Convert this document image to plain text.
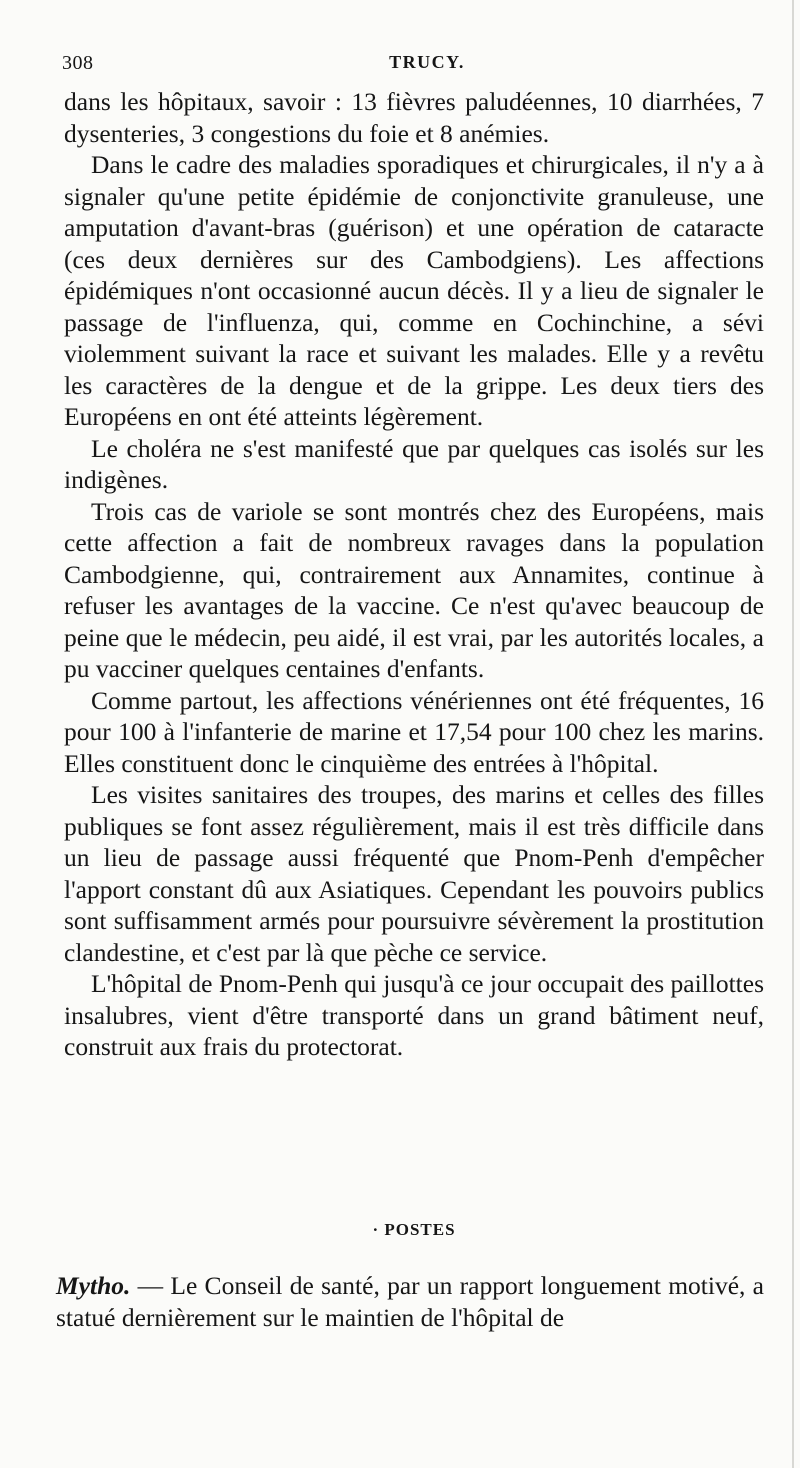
308	TRUCY.

dans les hôpitaux, savoir : 13 fièvres paludéennes, 10 diarrhées, 7 dysenteries, 3 congestions du foie et 8 anémies.

Dans le cadre des maladies sporadiques et chirurgicales, il n'y a à signaler qu'une petite épidémie de conjonctivite granuleuse, une amputation d'avant-bras (guérison) et une opération de cataracte (ces deux dernières sur des Cambodgiens). Les affections épidémiques n'ont occasionné aucun décès. Il y a lieu de signaler le passage de l'influenza, qui, comme en Cochinchine, a sévi violemment suivant la race et suivant les malades. Elle y a revêtu les caractères de la dengue et de la grippe. Les deux tiers des Européens en ont été atteints légèrement.

Le choléra ne s'est manifesté que par quelques cas isolés sur les indigènes.

Trois cas de variole se sont montrés chez des Européens, mais cette affection a fait de nombreux ravages dans la population Cambodgienne, qui, contrairement aux Annamites, continue à refuser les avantages de la vaccine. Ce n'est qu'avec beaucoup de peine que le médecin, peu aidé, il est vrai, par les autorités locales, a pu vacciner quelques centaines d'enfants.

Comme partout, les affections vénériennes ont été fréquentes, 16 pour 100 à l'infanterie de marine et 17,54 pour 100 chez les marins. Elles constituent donc le cinquième des entrées à l'hôpital.

Les visites sanitaires des troupes, des marins et celles des filles publiques se font assez régulièrement, mais il est très difficile dans un lieu de passage aussi fréquenté que Pnom-Penh d'empêcher l'apport constant dû aux Asiatiques. Cependant les pouvoirs publics sont suffisamment armés pour poursuivre sévèrement la prostitution clandestine, et c'est par là que pèche ce service.

L'hôpital de Pnom-Penh qui jusqu'à ce jour occupait des paillottes insalubres, vient d'être transporté dans un grand bâtiment neuf, construit aux frais du protectorat.

· POSTES

Mytho. — Le Conseil de santé, par un rapport longuement motivé, a statué dernièrement sur le maintien de l'hôpital de
